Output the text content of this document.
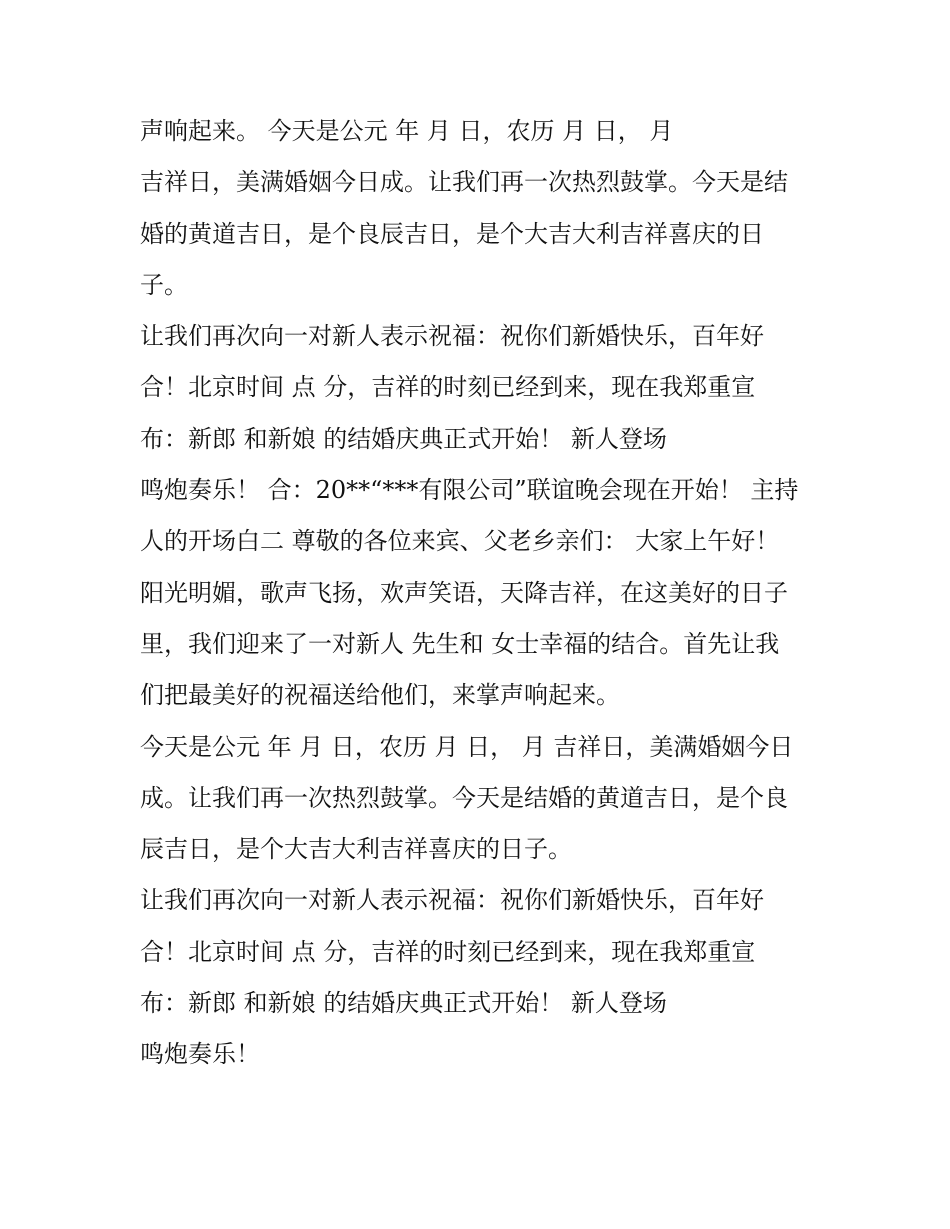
声响起来。 今天是公元 年 月 日，农历 月 日， 月
吉祥日，美满婚姻今日成。让我们再一次热烈鼓掌。今天是结
婚的黄道吉日，是个良辰吉日，是个大吉大利吉祥喜庆的日
子。
让我们再次向一对新人表示祝福：祝你们新婚快乐，百年好
合！北京时间 点 分，吉祥的时刻已经到来，现在我郑重宣
布：新郎 和新娘 的结婚庆典正式开始！ 新人登场
鸣炮奏乐！ 合：20**“***有限公司”联谊晚会现在开始！ 主持
人的开场白二 尊敬的各位来宾、父老乡亲们： 大家上午好！
阳光明媚，歌声飞扬，欢声笑语，天降吉祥，在这美好的日子
里，我们迎来了一对新人 先生和 女士幸福的结合。首先让我
们把最美好的祝福送给他们，来掌声响起来。
今天是公元 年 月 日，农历 月 日， 月 吉祥日，美满婚姻今日
成。让我们再一次热烈鼓掌。今天是结婚的黄道吉日，是个良
辰吉日，是个大吉大利吉祥喜庆的日子。
让我们再次向一对新人表示祝福：祝你们新婚快乐，百年好
合！北京时间 点 分，吉祥的时刻已经到来，现在我郑重宣
布：新郎 和新娘 的结婚庆典正式开始！ 新人登场
鸣炮奏乐！
